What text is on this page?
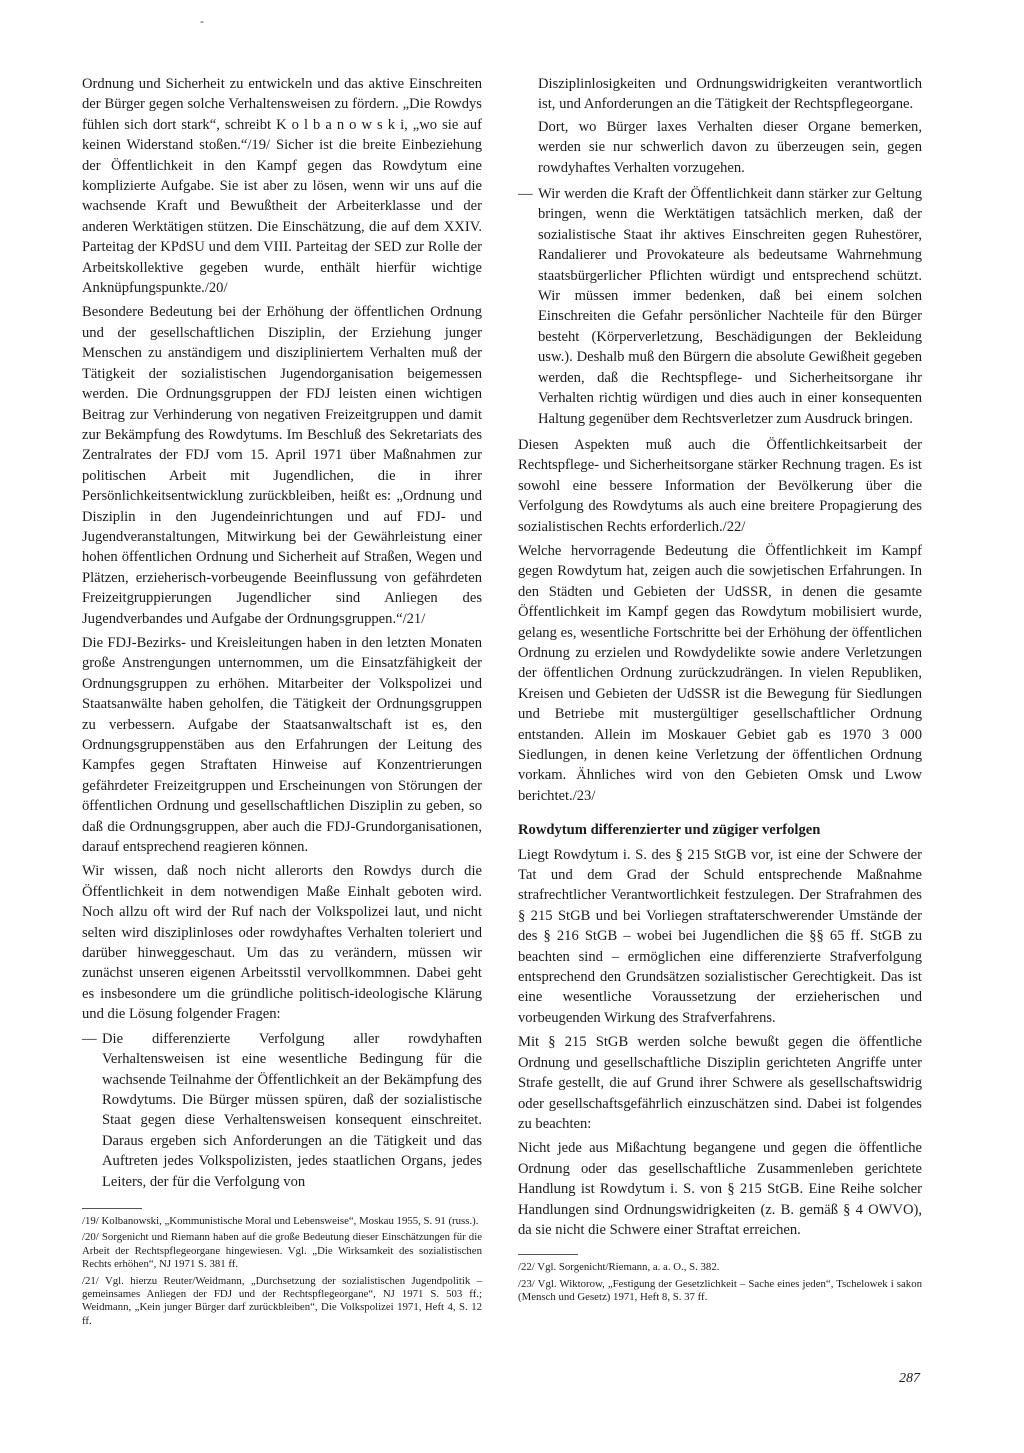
-

Ordnung und Sicherheit zu entwickeln und das aktive Einschreiten der Bürger gegen solche Verhaltensweisen zu fördern. „Die Rowdys fühlen sich dort stark“, schreibt K o l b a n o w s k i, „wo sie auf keinen Widerstand stoßen.“/19/ Sicher ist die breite Einbeziehung der Öffentlichkeit in den Kampf gegen das Rowdytum eine komplizierte Aufgabe. Sie ist aber zu lösen, wenn wir uns auf die wachsende Kraft und Bewußtheit der Arbeiterklasse und der anderen Werktätigen stützen. Die Einschätzung, die auf dem XXIV. Parteitag der KPdSU und dem VIII. Parteitag der SED zur Rolle der Arbeitskollektive gegeben wurde, enthält hierfür wichtige Anknüpfungspunkte./20/

Besondere Bedeutung bei der Erhöhung der öffentlichen Ordnung und der gesellschaftlichen Disziplin, der Erziehung junger Menschen zu anständigem und diszipliniertem Verhalten muß der Tätigkeit der sozialistischen Jugendorganisation beigemessen werden. Die Ordnungsgruppen der FDJ leisten einen wichtigen Beitrag zur Verhinderung von negativen Freizeitgruppen und damit zur Bekämpfung des Rowdytums. Im Beschluß des Sekretariats des Zentralrates der FDJ vom 15. April 1971 über Maßnahmen zur politischen Arbeit mit Jugendlichen, die in ihrer Persönlichkeitsentwicklung zurückbleiben, heißt es: „Ordnung und Disziplin in den Jugendeinrichtungen und auf FDJ- und Jugendveranstaltungen, Mitwirkung bei der Gewährleistung einer hohen öffentlichen Ordnung und Sicherheit auf Straßen, Wegen und Plätzen, erzieherisch-vorbeugende Beeinflussung von gefährdeten Freizeitgruppierungen Jugendlicher sind Anliegen des Jugendverbandes und Aufgabe der Ordnungsgruppen.“/21/

Die FDJ-Bezirks- und Kreisleitungen haben in den letzten Monaten große Anstrengungen unternommen, um die Einsatzfähigkeit der Ordnungsgruppen zu erhöhen. Mitarbeiter der Volkspolizei und Staatsanwälte haben geholfen, die Tätigkeit der Ordnungsgruppen zu verbessern. Aufgabe der Staatsanwaltschaft ist es, den Ordnungsgruppenstäben aus den Erfahrungen der Leitung des Kampfes gegen Straftaten Hinweise auf Konzentrierungen gefährdeter Freizeitgruppen und Erscheinungen von Störungen der öffentlichen Ordnung und gesellschaftlichen Disziplin zu geben, so daß die Ordnungsgruppen, aber auch die FDJ-Grundorganisationen, darauf entsprechend reagieren können.

Wir wissen, daß noch nicht allerorts den Rowdys durch die Öffentlichkeit in dem notwendigen Maße Einhalt geboten wird. Noch allzu oft wird der Ruf nach der Volkspolizei laut, und nicht selten wird disziplinloses oder rowdyhaftes Verhalten toleriert und darüber hinweggeschaut. Um das zu verändern, müssen wir zunächst unseren eigenen Arbeitsstil vervollkommnen. Dabei geht es insbesondere um die gründliche politisch-ideologische Klärung und die Lösung folgender Fragen:

— Die differenzierte Verfolgung aller rowdyhaften Verhaltensweisen ist eine wesentliche Bedingung für die wachsende Teilnahme der Öffentlichkeit an der Bekämpfung des Rowdytums. Die Bürger müssen spüren, daß der sozialistische Staat gegen diese Verhaltensweisen konsequent einschreitet. Daraus ergeben sich Anforderungen an die Tätigkeit und das Auftreten jedes Volkspolizisten, jedes staatlichen Organs, jedes Leiters, der für die Verfolgung von

/19/ Kolbanowski, „Kommunistische Moral und Lebensweise“, Moskau 1955, S. 91 (russ.).

/20/ Sorgenicht und Riemann haben auf die große Bedeutung dieser Einschätzungen für die Arbeit der Rechtspflegeorgane hingewiesen. Vgl. „Die Wirksamkeit des sozialistischen Rechts erhöhen“, NJ 1971 S. 381 ff.

/21/ Vgl. hierzu Reuter/Weidmann, „Durchsetzung der sozialistischen Jugendpolitik – gemeinsames Anliegen der FDJ und der Rechtspflegeorgane“, NJ 1971 S. 503 ff.; Weidmann, „Kein junger Bürger darf zurückbleiben“, Die Volkspolizei 1971, Heft 4, S. 12 ff.

Disziplinlosigkeiten und Ordnungswidrigkeiten verantwortlich ist, und Anforderungen an die Tätigkeit der Rechtspflegeorgane.

Dort, wo Bürger laxes Verhalten dieser Organe bemerken, werden sie nur schwerlich davon zu überzeugen sein, gegen rowdyhaftes Verhalten vorzugehen.

— Wir werden die Kraft der Öffentlichkeit dann stärker zur Geltung bringen, wenn die Werktätigen tatsächlich merken, daß der sozialistische Staat ihr aktives Einschreiten gegen Ruhestörer, Randalierer und Provokateure als bedeutsame Wahrnehmung staatsbürgerlicher Pflichten würdigt und entsprechend schützt. Wir müssen immer bedenken, daß bei einem solchen Einschreiten die Gefahr persönlicher Nachteile für den Bürger besteht (Körperverletzung, Beschädigungen der Bekleidung usw.). Deshalb muß den Bürgern die absolute Gewißheit gegeben werden, daß die Rechtspflege- und Sicherheitsorgane ihr Verhalten richtig würdigen und dies auch in einer konsequenten Haltung gegenüber dem Rechtsverletzer zum Ausdruck bringen.

Diesen Aspekten muß auch die Öffentlichkeitsarbeit der Rechtspflege- und Sicherheitsorgane stärker Rechnung tragen. Es ist sowohl eine bessere Information der Bevölkerung über die Verfolgung des Rowdytums als auch eine breitere Propagierung des sozialistischen Rechts erforderlich./22/

Welche hervorragende Bedeutung die Öffentlichkeit im Kampf gegen Rowdytum hat, zeigen auch die sowjetischen Erfahrungen. In den Städten und Gebieten der UdSSR, in denen die gesamte Öffentlichkeit im Kampf gegen das Rowdytum mobilisiert wurde, gelang es, wesentliche Fortschritte bei der Erhöhung der öffentlichen Ordnung zu erzielen und Rowdydelikte sowie andere Verletzungen der öffentlichen Ordnung zurückzudrängen. In vielen Republiken, Kreisen und Gebieten der UdSSR ist die Bewegung für Siedlungen und Betriebe mit mustergültiger gesellschaftlicher Ordnung entstanden. Allein im Moskauer Gebiet gab es 1970 3 000 Siedlungen, in denen keine Verletzung der öffentlichen Ordnung vorkam. Ähnliches wird von den Gebieten Omsk und Lwow berichtet./23/

Rowdytum differenzierter und zügiger verfolgen

Liegt Rowdytum i. S. des § 215 StGB vor, ist eine der Schwere der Tat und dem Grad der Schuld entsprechende Maßnahme strafrechtlicher Verantwortlichkeit festzulegen. Der Strafrahmen des § 215 StGB und bei Vorliegen straftaterschwerender Umstände der des § 216 StGB – wobei bei Jugendlichen die §§ 65 ff. StGB zu beachten sind – ermöglichen eine differenzierte Strafverfolgung entsprechend den Grundsätzen sozialistischer Gerechtigkeit. Das ist eine wesentliche Voraussetzung der erzieherischen und vorbeugenden Wirkung des Strafverfahrens.

Mit § 215 StGB werden solche bewußt gegen die öffentliche Ordnung und gesellschaftliche Disziplin gerichteten Angriffe unter Strafe gestellt, die auf Grund ihrer Schwere als gesellschaftswidrig oder gesellschaftsgefährlich einzuschätzen sind. Dabei ist folgendes zu beachten:

Nicht jede aus Mißachtung begangene und gegen die öffentliche Ordnung oder das gesellschaftliche Zusammenleben gerichtete Handlung ist Rowdytum i. S. von § 215 StGB. Eine Reihe solcher Handlungen sind Ordnungswidrigkeiten (z. B. gemäß § 4 OWVO), da sie nicht die Schwere einer Straftat erreichen.

/22/ Vgl. Sorgenicht/Riemann, a. a. O., S. 382.

/23/ Vgl. Wiktorow, „Festigung der Gesetzlichkeit – Sache eines jeden“, Tschelowek i sakon (Mensch und Gesetz) 1971, Heft 8, S. 37 ff.

287
